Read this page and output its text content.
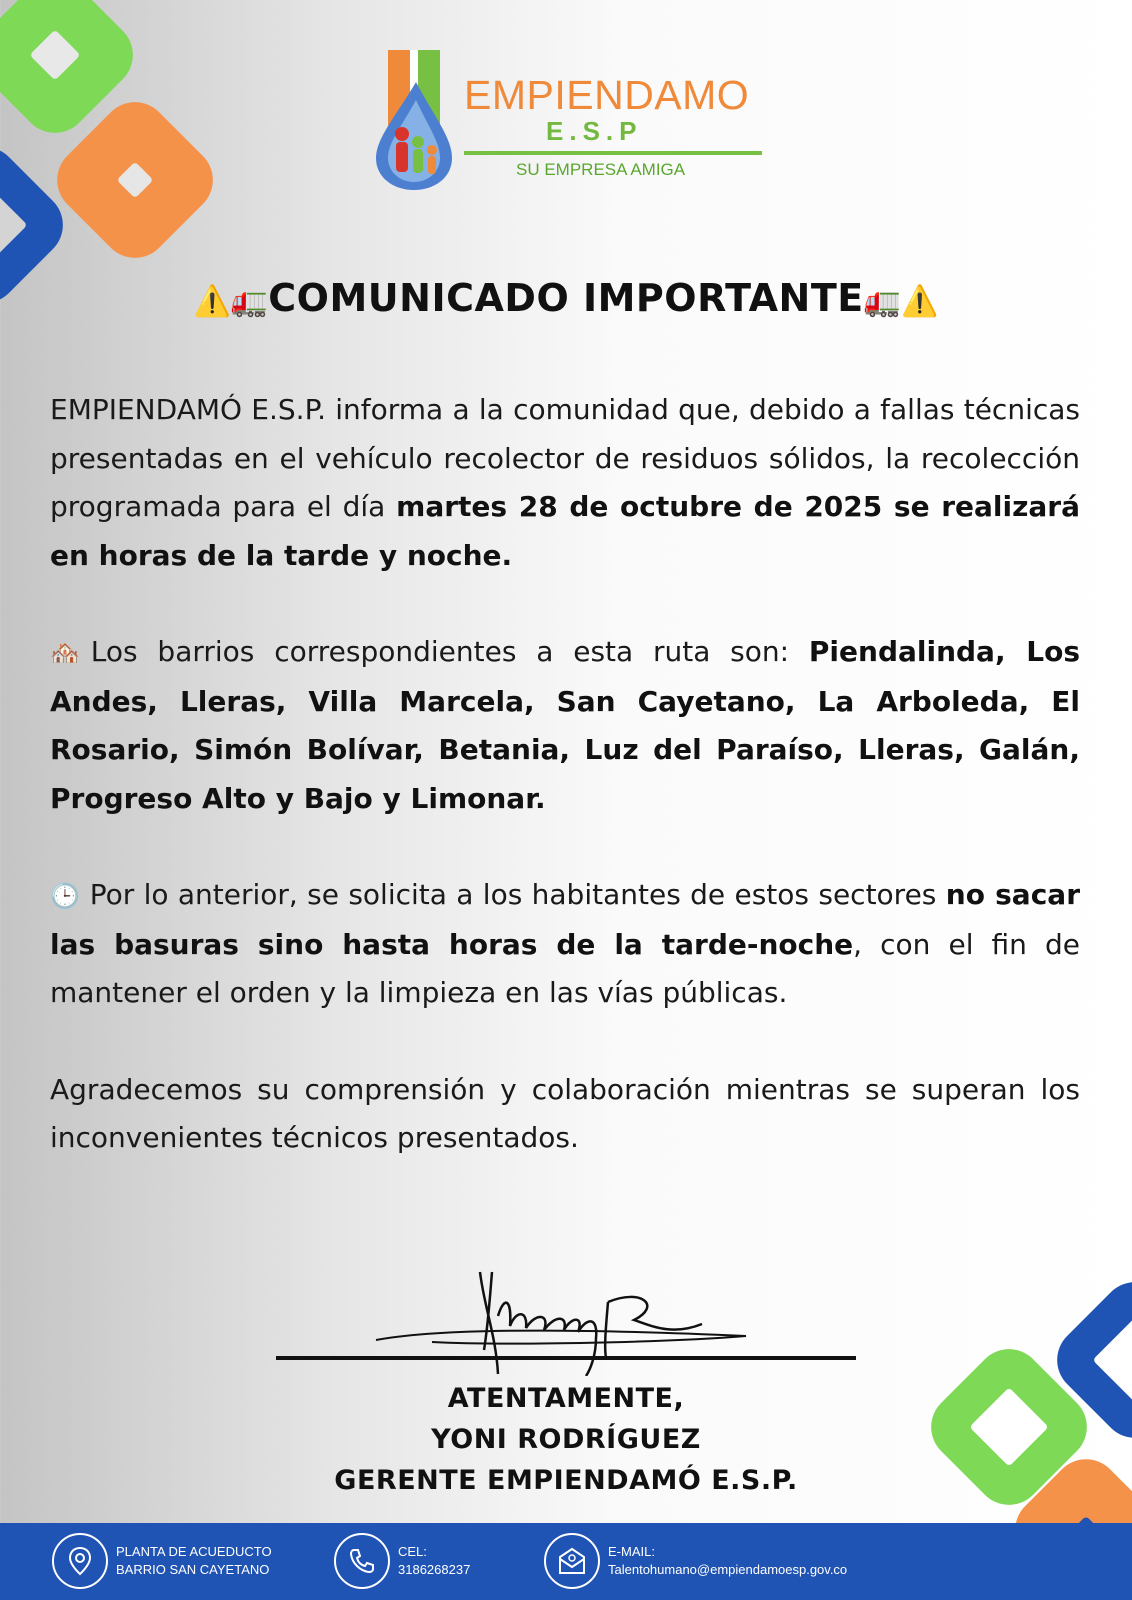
EMPIENDAMO
E.S.P
SU EMPRESA AMIGA
⚠️🚛COMUNICADO IMPORTANTE🚛⚠️

EMPIENDAMÓ E.S.P. informa a la comunidad que, debido a fallas técnicas presentadas en el vehículo recolector de residuos sólidos, la recolección programada para el día martes 28 de octubre de 2025 se realizará en horas de la tarde y noche.

🏘️Los barrios correspondientes a esta ruta son: Piendalinda, Los Andes, Lleras, Villa Marcela, San Cayetano, La Arboleda, El Rosario, Simón Bolívar, Betania, Luz del Paraíso, Lleras, Galán, Progreso Alto y Bajo y Limonar.

🕒 Por lo anterior, se solicita a los habitantes de estos sectores no sacar las basuras sino hasta horas de la tarde-noche, con el fin de mantener el orden y la limpieza en las vías públicas.

Agradecemos su comprensión y colaboración mientras se superan los inconvenientes técnicos presentados.

ATENTAMENTE,
YONI RODRÍGUEZ
GERENTE EMPIENDAMÓ E.S.P.
PLANTA DE ACUEDUCTO
BARRIO SAN CAYETANO
CEL:
3186268237
E-MAIL:
Talentohumano@empiendamoesp.gov.co
